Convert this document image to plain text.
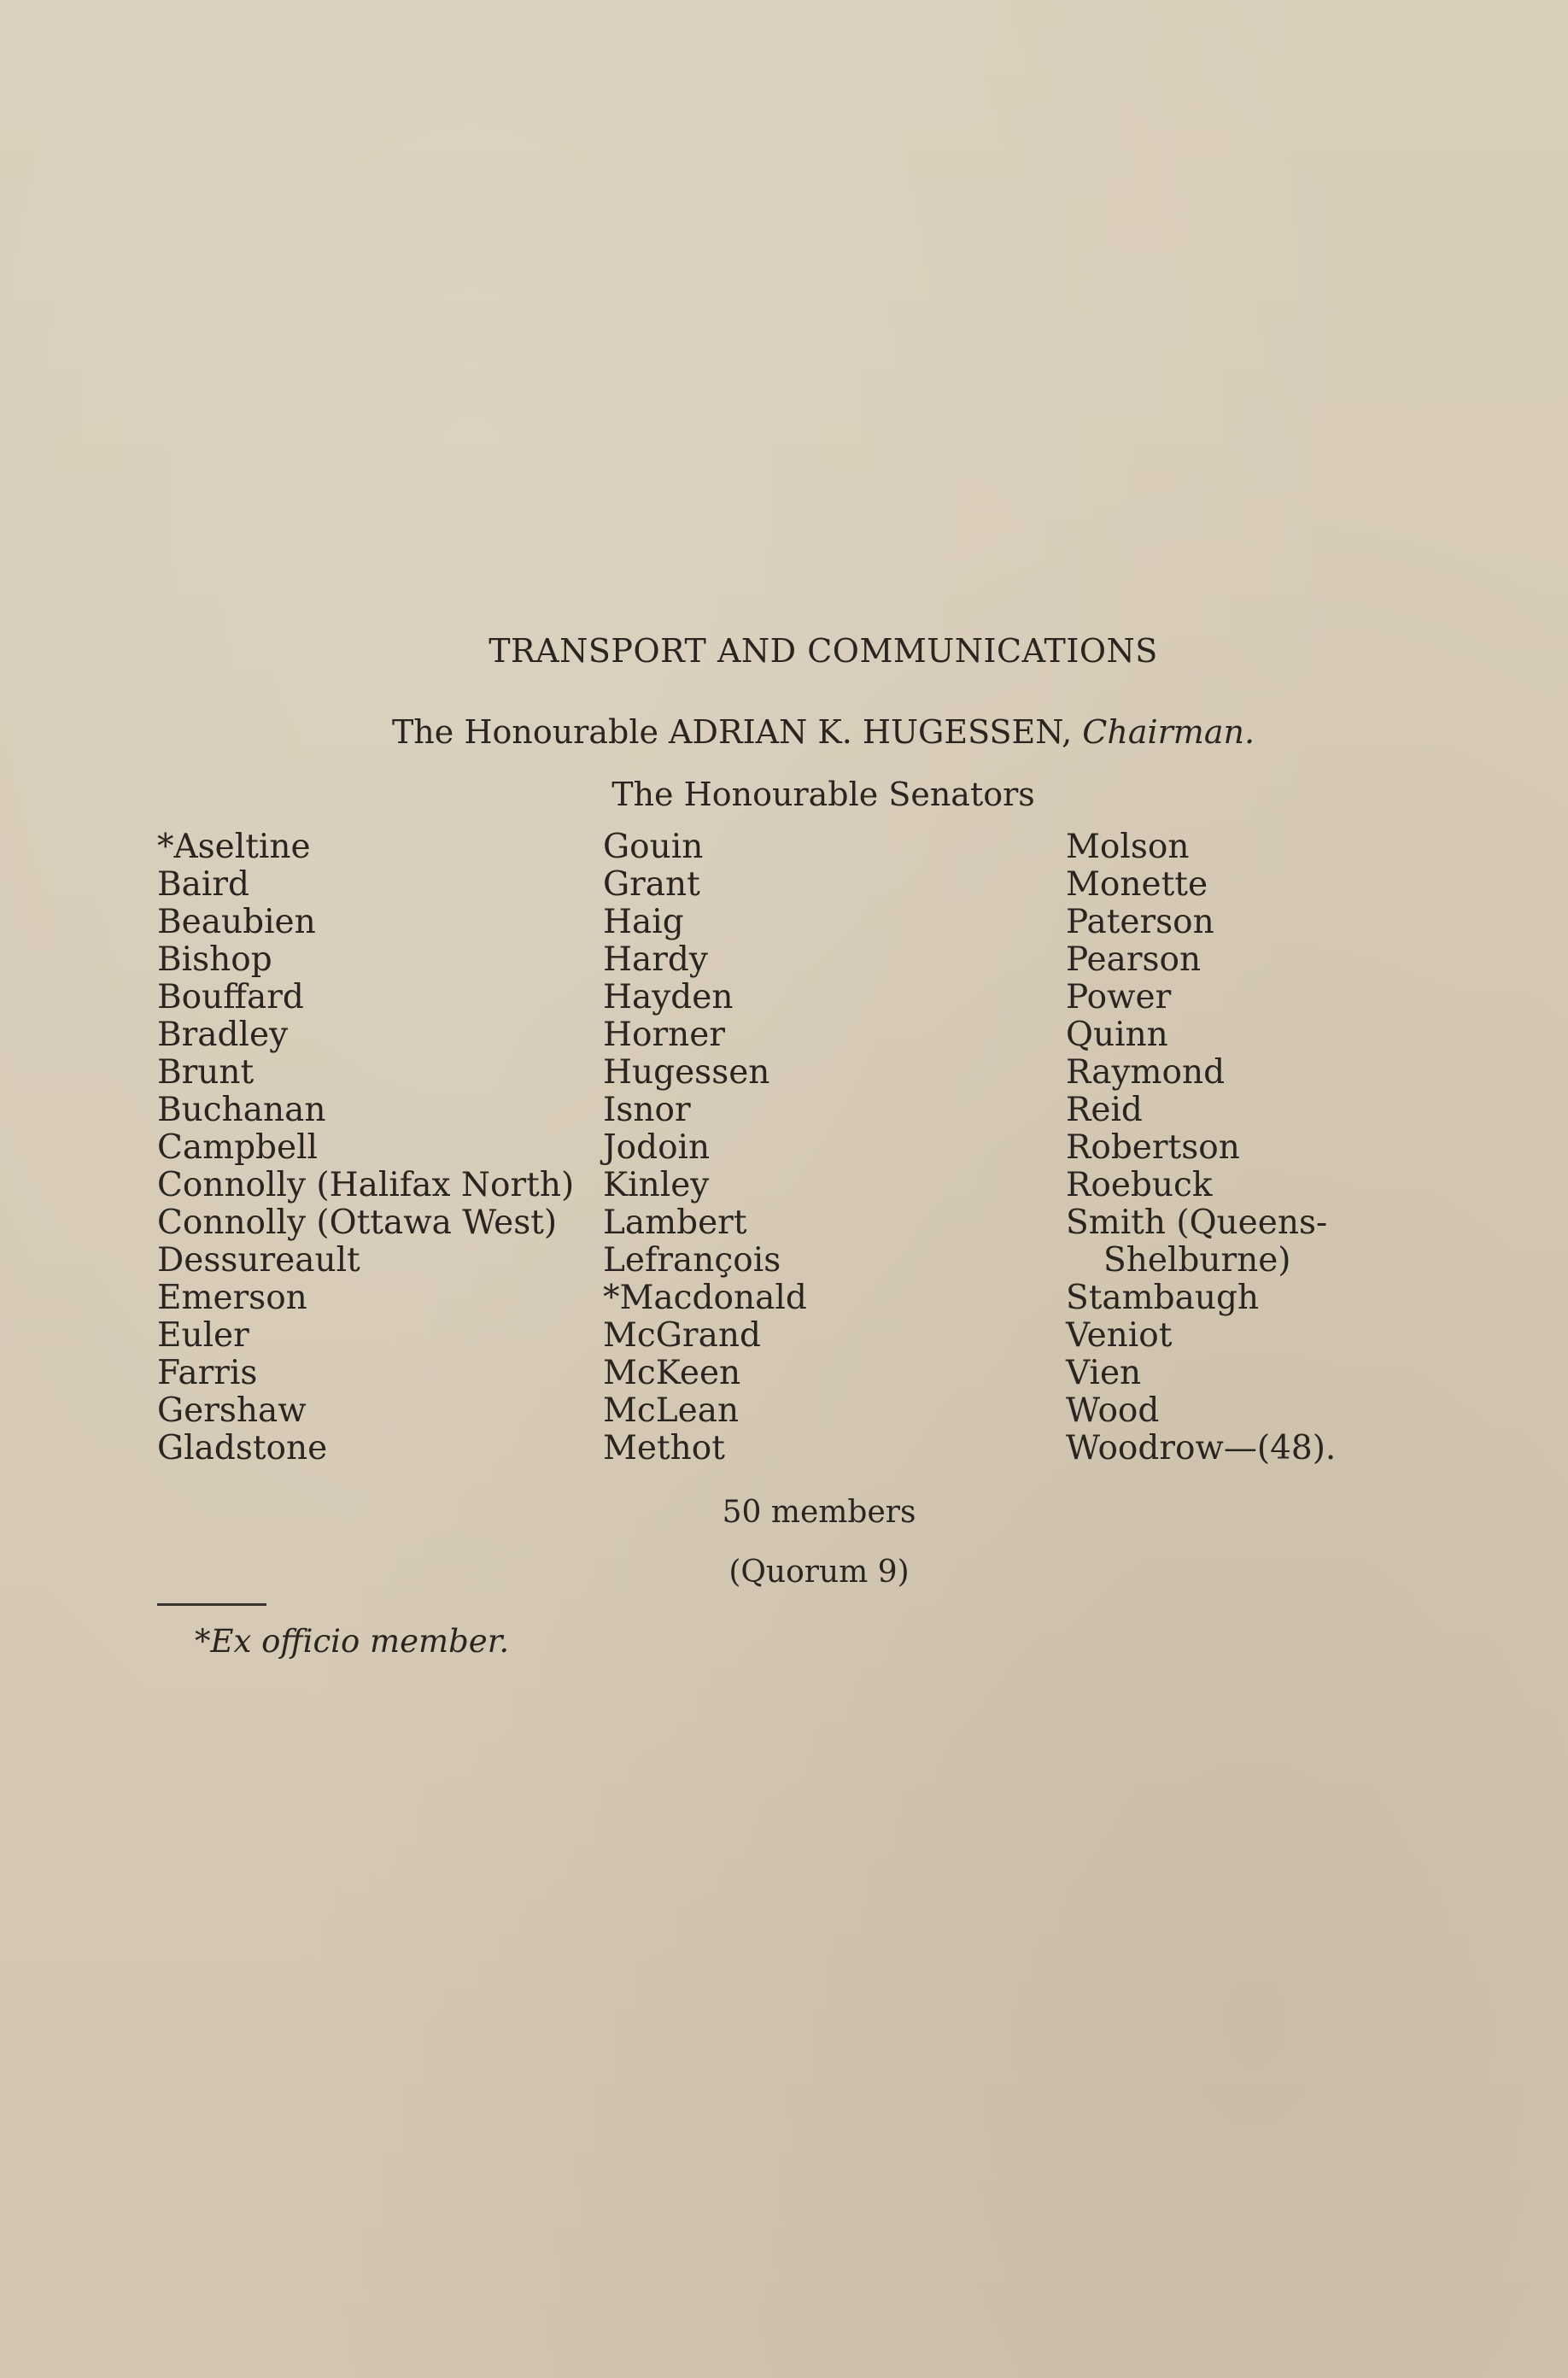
TRANSPORT AND COMMUNICATIONS
The Honourable ADRIAN K. HUGESSEN, Chairman.
The Honourable Senators
*Aseltine
Baird
Beaubien
Bishop
Bouffard
Bradley
Brunt
Buchanan
Campbell
Connolly (Halifax North)
Connolly (Ottawa West)
Dessureault
Emerson
Euler
Farris
Gershaw
Gladstone
Gouin
Grant
Haig
Hardy
Hayden
Horner
Hugessen
Isnor
Jodoin
Kinley
Lambert
Lefrançois
*Macdonald
McGrand
McKeen
McLean
Methot
Molson
Monette
Paterson
Pearson
Power
Quinn
Raymond
Reid
Robertson
Roebuck
Smith (Queens-
Shelburne)
Stambaugh
Veniot
Vien
Wood
Woodrow—(48).
50 members
(Quorum 9)
*Ex officio member.
